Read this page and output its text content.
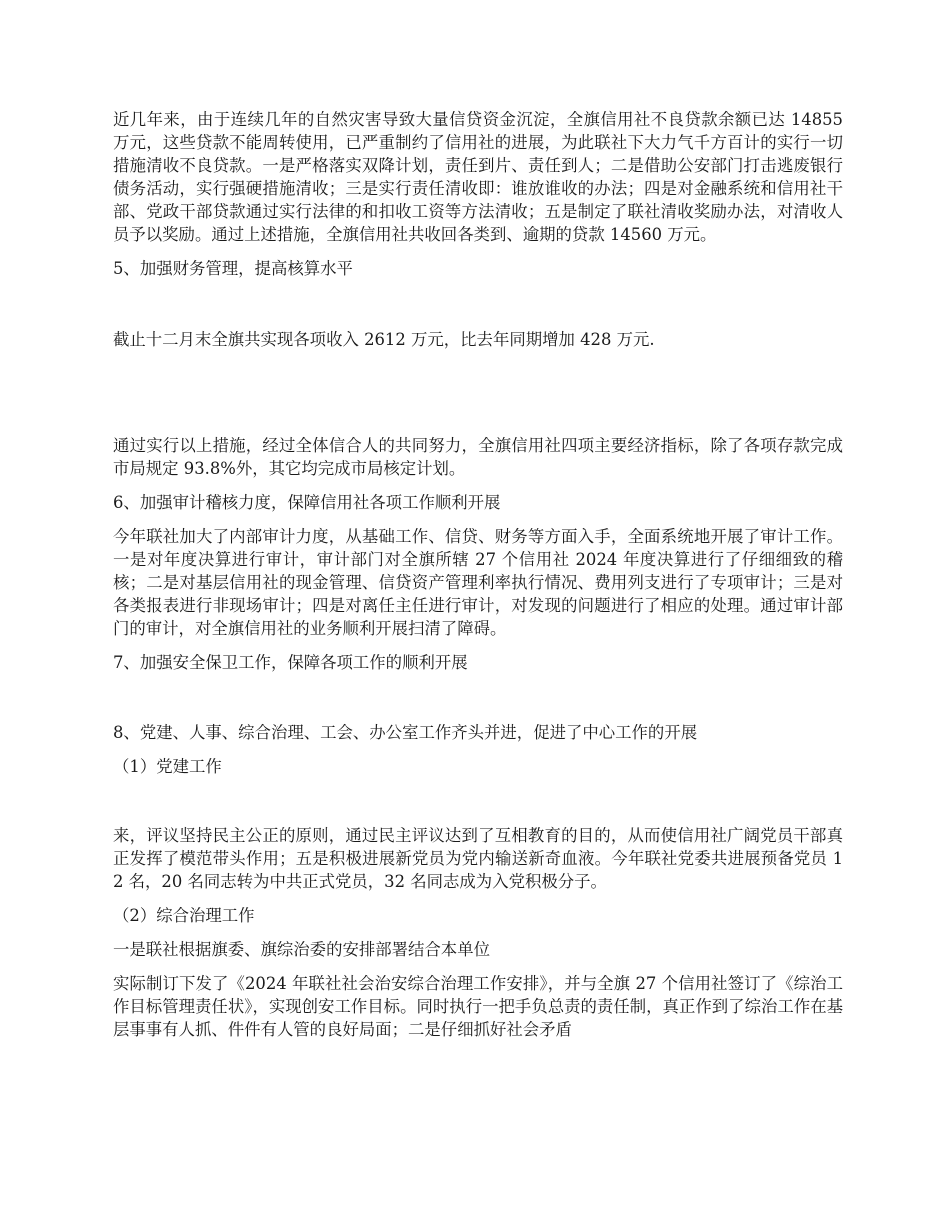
近几年来，由于连续几年的自然灾害导致大量信贷资金沉淀，全旗信用社不良贷款余额已达 14855 万元，这些贷款不能周转使用，已严重制约了信用社的进展，为此联社下大力气千方百计的实行一切措施清收不良贷款。一是严格落实双降计划，责任到片、责任到人；二是借助公安部门打击逃废银行债务活动，实行强硬措施清收；三是实行责任清收即：谁放谁收的办法；四是对金融系统和信用社干部、党政干部贷款通过实行法律的和扣收工资等方法清收；五是制定了联社清收奖励办法，对清收人员予以奖励。通过上述措施，全旗信用社共收回各类到、逾期的贷款 14560 万元。

5、加强财务管理，提高核算水平

截止十二月末全旗共实现各项收入 2612 万元，比去年同期增加 428 万元.

通过实行以上措施，经过全体信合人的共同努力，全旗信用社四项主要经济指标，除了各项存款完成市局规定 93.8%外，其它均完成市局核定计划。

6、加强审计稽核力度，保障信用社各项工作顺利开展

今年联社加大了内部审计力度，从基础工作、信贷、财务等方面入手，全面系统地开展了审计工作。一是对年度决算进行审计，审计部门对全旗所辖 27 个信用社 2024 年度决算进行了仔细细致的稽核；二是对基层信用社的现金管理、信贷资产管理利率执行情况、费用列支进行了专项审计；三是对各类报表进行非现场审计；四是对离任主任进行审计，对发现的问题进行了相应的处理。通过审计部门的审计，对全旗信用社的业务顺利开展扫清了障碍。

7、加强安全保卫工作，保障各项工作的顺利开展

8、党建、人事、综合治理、工会、办公室工作齐头并进，促进了中心工作的开展

（1）党建工作

来，评议坚持民主公正的原则，通过民主评议达到了互相教育的目的，从而使信用社广阔党员干部真正发挥了模范带头作用；五是积极进展新党员为党内输送新奇血液。今年联社党委共进展预备党员 12 名，20 名同志转为中共正式党员，32 名同志成为入党积极分子。

（2）综合治理工作

一是联社根据旗委、旗综治委的安排部署结合本单位

实际制订下发了《2024 年联社社会治安综合治理工作安排》，并与全旗 27 个信用社签订了《综治工作目标管理责任状》，实现创安工作目标。同时执行一把手负总责的责任制，真正作到了综治工作在基层事事有人抓、件件有人管的良好局面；二是仔细抓好社会矛盾
